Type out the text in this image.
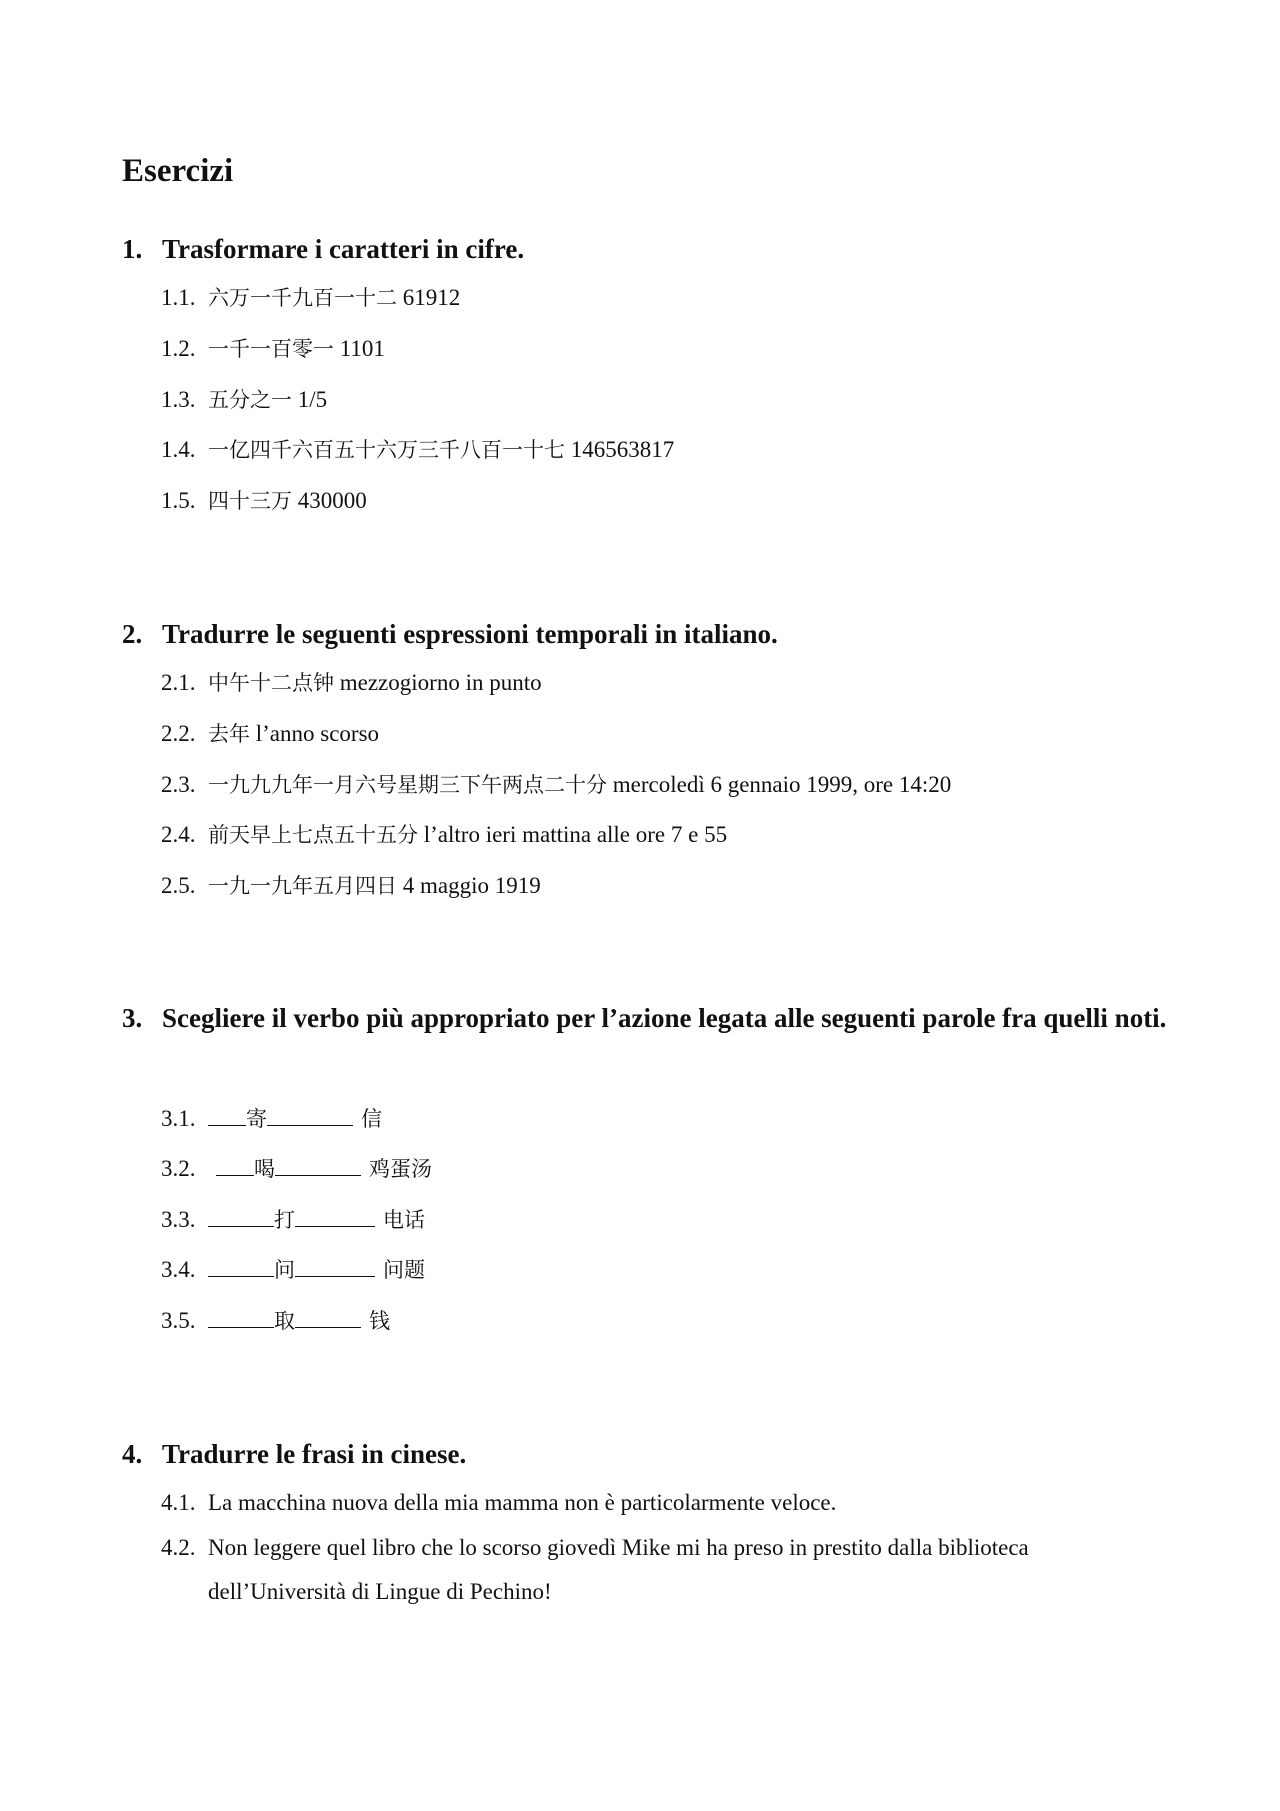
Esercizi
1. Trasformare i caratteri in cifre.
1.1. 六万一千九百一十二 61912
1.2. 一千一百零一 1101
1.3. 五分之一 1/5
1.4. 一亿四千六百五十六万三千八百一十七 146563817
1.5. 四十三万 430000
2. Tradurre le seguenti espressioni temporali in italiano.
2.1. 中午十二点钟 mezzogiorno in punto
2.2. 去年 l’anno scorso
2.3. 一九九九年一月六号星期三下午两点二十分 mercoledì 6 gennaio 1999, ore 14:20
2.4. 前天早上七点五十五分 l’altro ieri mattina alle ore 7 e 55
2.5. 一九一九年五月四日 4 maggio 1919
3. Scegliere il verbo più appropriato per l’azione legata alle seguenti parole fra quelli noti.
3.1.	寄	信
3.2.	喝	鸡蛋汤
3.3.	打	电话
3.4.	问	问题
3.5.	取	钱
4. Tradurre le frasi in cinese.
4.1. La macchina nuova della mia mamma non è particolarmente veloce.
4.2. Non leggere quel libro che lo scorso giovedì Mike mi ha preso in prestito dalla biblioteca dell’Università di Lingue di Pechino!
